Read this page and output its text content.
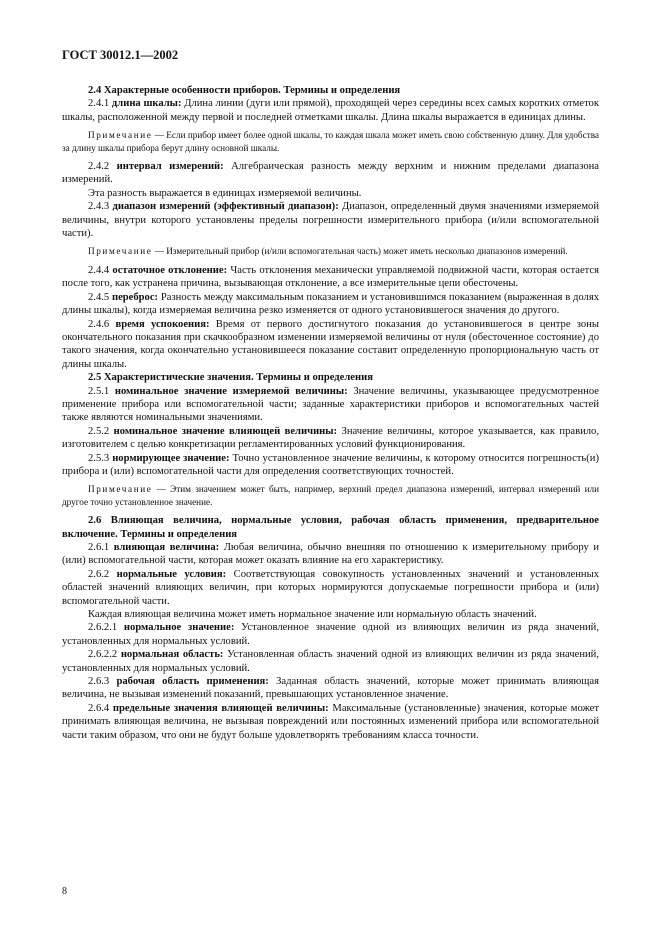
ГОСТ 30012.1—2002

2.4 Характерные особенности приборов. Термины и определения

2.4.1 длина шкалы: Длина линии (дуги или прямой), проходящей через середины всех самых коротких отметок шкалы, расположенной между первой и последней отметками шкалы. Длина шкалы выражается в единицах длины.

Примечание — Если прибор имеет более одной шкалы, то каждая шкала может иметь свою собственную длину. Для удобства за длину шкалы прибора берут длину основной шкалы.

2.4.2 интервал измерений: Алгебраическая разность между верхним и нижним пределами диапазона измерений.

Эта разность выражается в единицах измеряемой величины.

2.4.3 диапазон измерений (эффективный диапазон): Диапазон, определенный двумя значениями измеряемой величины, внутри которого установлены пределы погрешности измерительного прибора (и/или вспомогательной части).

Примечание — Измерительный прибор (и/или вспомогательная часть) может иметь несколько диапазонов измерений.

2.4.4 остаточное отклонение: Часть отклонения механически управляемой подвижной части, которая остается после того, как устранена причина, вызывающая отклонение, а все измерительные цепи обесточены.

2.4.5 переброс: Разность между максимальным показанием и установившимся показанием (выраженная в долях длины шкалы), когда измеряемая величина резко изменяется от одного установившегося значения до другого.

2.4.6 время успокоения: Время от первого достигнутого показания до установившегося в центре зоны окончательного показания при скачкообразном изменении измеряемой величины от нуля (обесточенное состояние) до такого значения, когда окончательно установившееся показание составит определенную пропорциональную часть от длины шкалы.

2.5 Характеристические значения. Термины и определения

2.5.1 номинальное значение измеряемой величины: Значение величины, указывающее предусмотренное применение прибора или вспомогательной части; заданные характеристики приборов и вспомогательных частей также являются номинальными значениями.

2.5.2 номинальное значение влияющей величины: Значение величины, которое указывается, как правило, изготовителем с целью конкретизации регламентированных условий функционирования.

2.5.3 нормирующее значение: Точно установленное значение величины, к которому относится погрешность(и) прибора и (или) вспомогательной части для определения соответствующих точностей.

Примечание — Этим значением может быть, например, верхний предел диапазона измерений, интервал измерений или другое точно установленное значение.

2.6 Влияющая величина, нормальные условия, рабочая область применения, предварительное включение. Термины и определения

2.6.1 влияющая величина: Любая величина, обычно внешняя по отношению к измерительному прибору и (или) вспомогательной части, которая может оказать влияние на его характеристику.

2.6.2 нормальные условия: Соответствующая совокупность установленных значений и установленных областей значений влияющих величин, при которых нормируются допускаемые погрешности прибора и (или) вспомогательной части.

Каждая влияющая величина может иметь нормальное значение или нормальную область значений.

2.6.2.1 нормальное значение: Установленное значение одной из влияющих величин из ряда значений, установленных для нормальных условий.

2.6.2.2 нормальная область: Установленная область значений одной из влияющих величин из ряда значений, установленных для нормальных условий.

2.6.3 рабочая область применения: Заданная область значений, которые может принимать влияющая величина, не вызывая изменений показаний, превышающих установленное значение.

2.6.4 предельные значения влияющей величины: Максимальные (установленные) значения, которые может принимать влияющая величина, не вызывая повреждений или постоянных изменений прибора или вспомогательной части таким образом, что они не будут больше удовлетворять требованиям класса точности.

8
